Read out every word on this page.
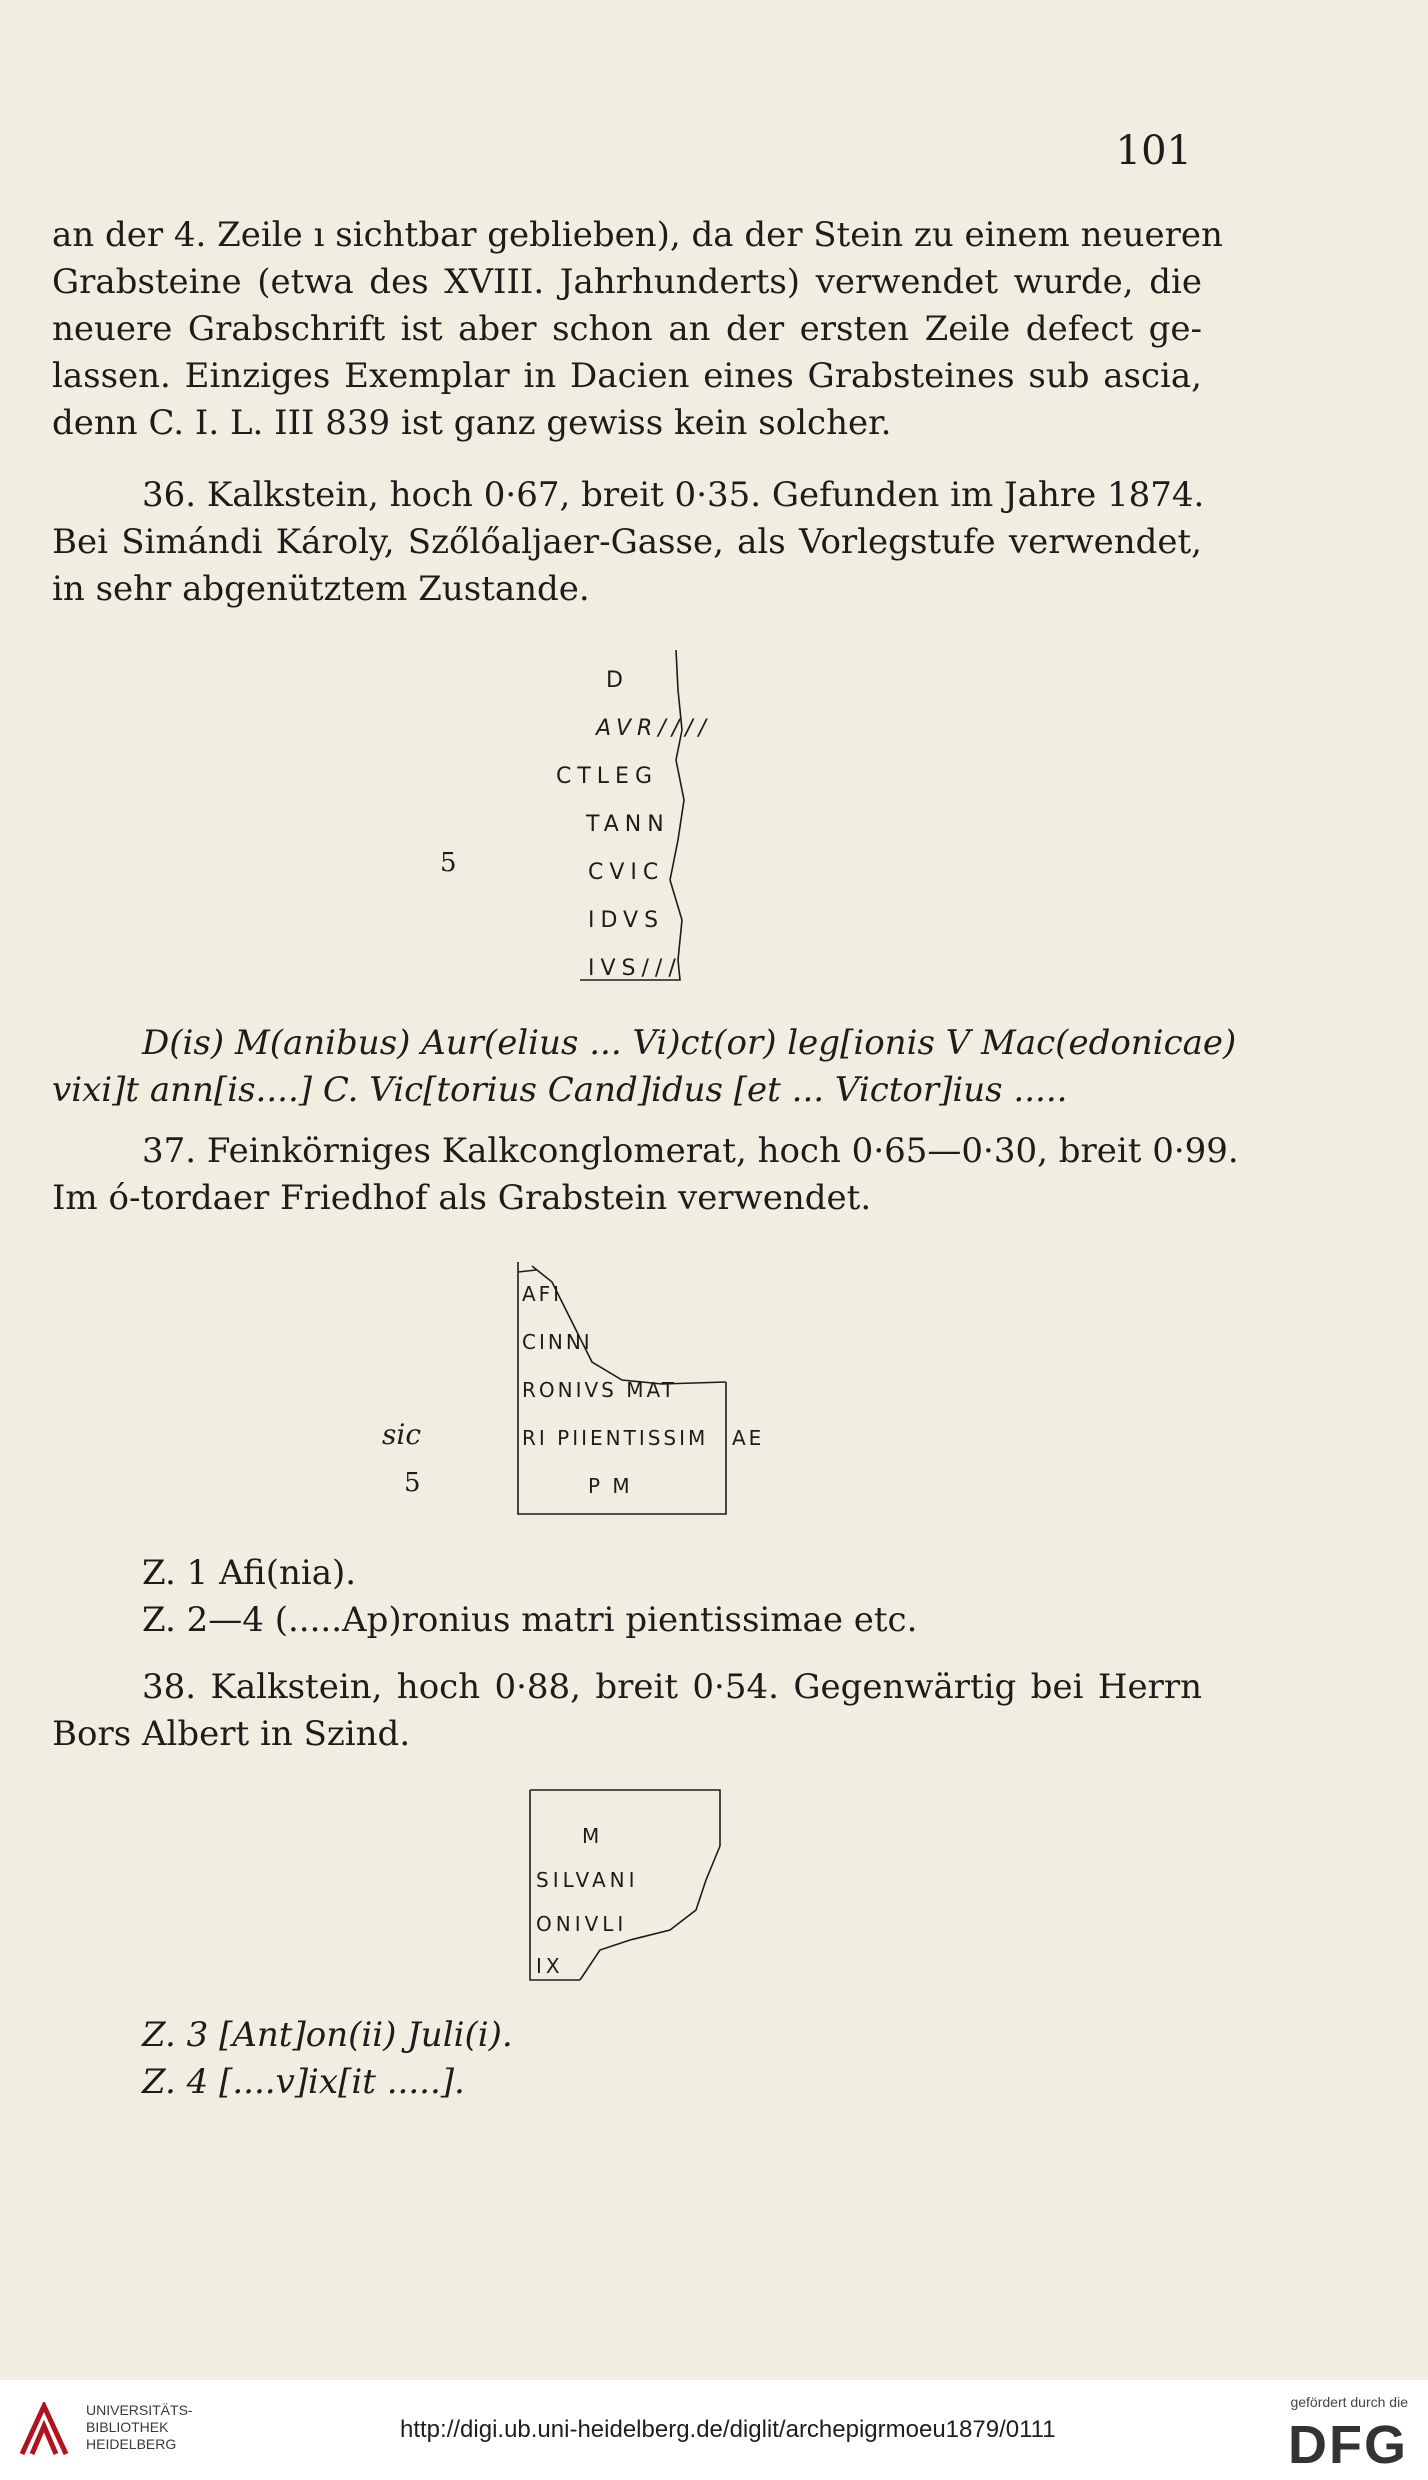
101
an der 4. Zeile ı sichtbar geblieben), da der Stein zu einem neueren
Grabsteine (etwa des XVIII. Jahrhunderts) verwendet wurde, die
neuere Grabschrift ist aber schon an der ersten Zeile defect ge-
lassen. Einziges Exemplar in Dacien eines Grabsteines sub ascia,
denn C. I. L. III 839 ist ganz gewiss kein solcher.
36. Kalkstein, hoch 0·67, breit 0·35. Gefunden im Jahre 1874.
Bei Simándi Károly, Szőlőaljaer-Gasse, als Vorlegstufe verwendet,
in sehr abgenütztem Zustande.
D
AVR////
CTLEG
TANN
CVIC
IDVS
IVS///
5
D(is) M(anibus) Aur(elius ... Vi)ct(or) leg[ionis V Mac(edonicae)
vixi]t ann[is....] C. Vic[torius Cand]idus [et ... Victor]ius .....
37. Feinkörniges Kalkconglomerat, hoch 0·65—0·30, breit 0·99.
Im ó-tordaer Friedhof als Grabstein verwendet.
AFI
CINNI
RONIVS MAT
RI PIIENTISSIM AE
P M
sic
5
Z. 1 Afi(nia).
Z. 2—4 (.....Ap)ronius matri pientissimae etc.
38. Kalkstein, hoch 0·88, breit 0·54. Gegenwärtig bei Herrn
Bors Albert in Szind.
M
SILVANI
ONIVLI
IX
Z. 3 [Ant]on(ii) Juli(i).
Z. 4 [....v]ix[it .....].
UNIVERSITÄTS-
BIBLIOTHEK
HEIDELBERG
http://digi.ub.uni-heidelberg.de/diglit/archepigrmoeu1879/0111
gefördert durch die
DFG
